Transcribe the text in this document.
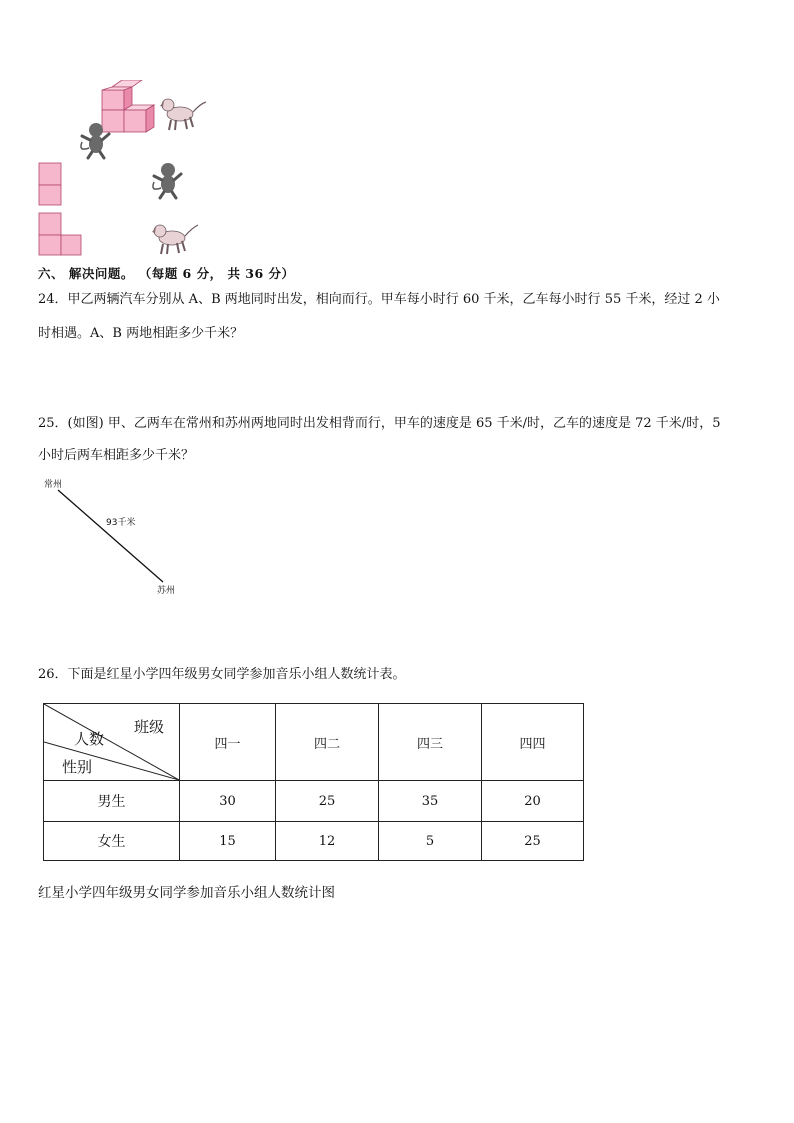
六、 解决问题。 （每题 6 分， 共 36 分）
24．甲乙两辆汽车分别从 A、B 两地同时出发，相向而行。甲车每小时行 60 千米，乙车每小时行 55 千米，经过 2 小
时相遇。A、B 两地相距多少千米？
25．(如图) 甲、乙两车在常州和苏州两地同时出发相背而行，甲车的速度是 65 千米/时，乙车的速度是 72 千米/时，5
小时后两车相距多少千米？
常州
93千米
苏州
26．下面是红星小学四年级男女同学参加音乐小组人数统计表。
班级
人数
性别	四一	四二	四三	四四
男生	30	25	35	20
女生	15	12	5	25
红星小学四年级男女同学参加音乐小组人数统计图
